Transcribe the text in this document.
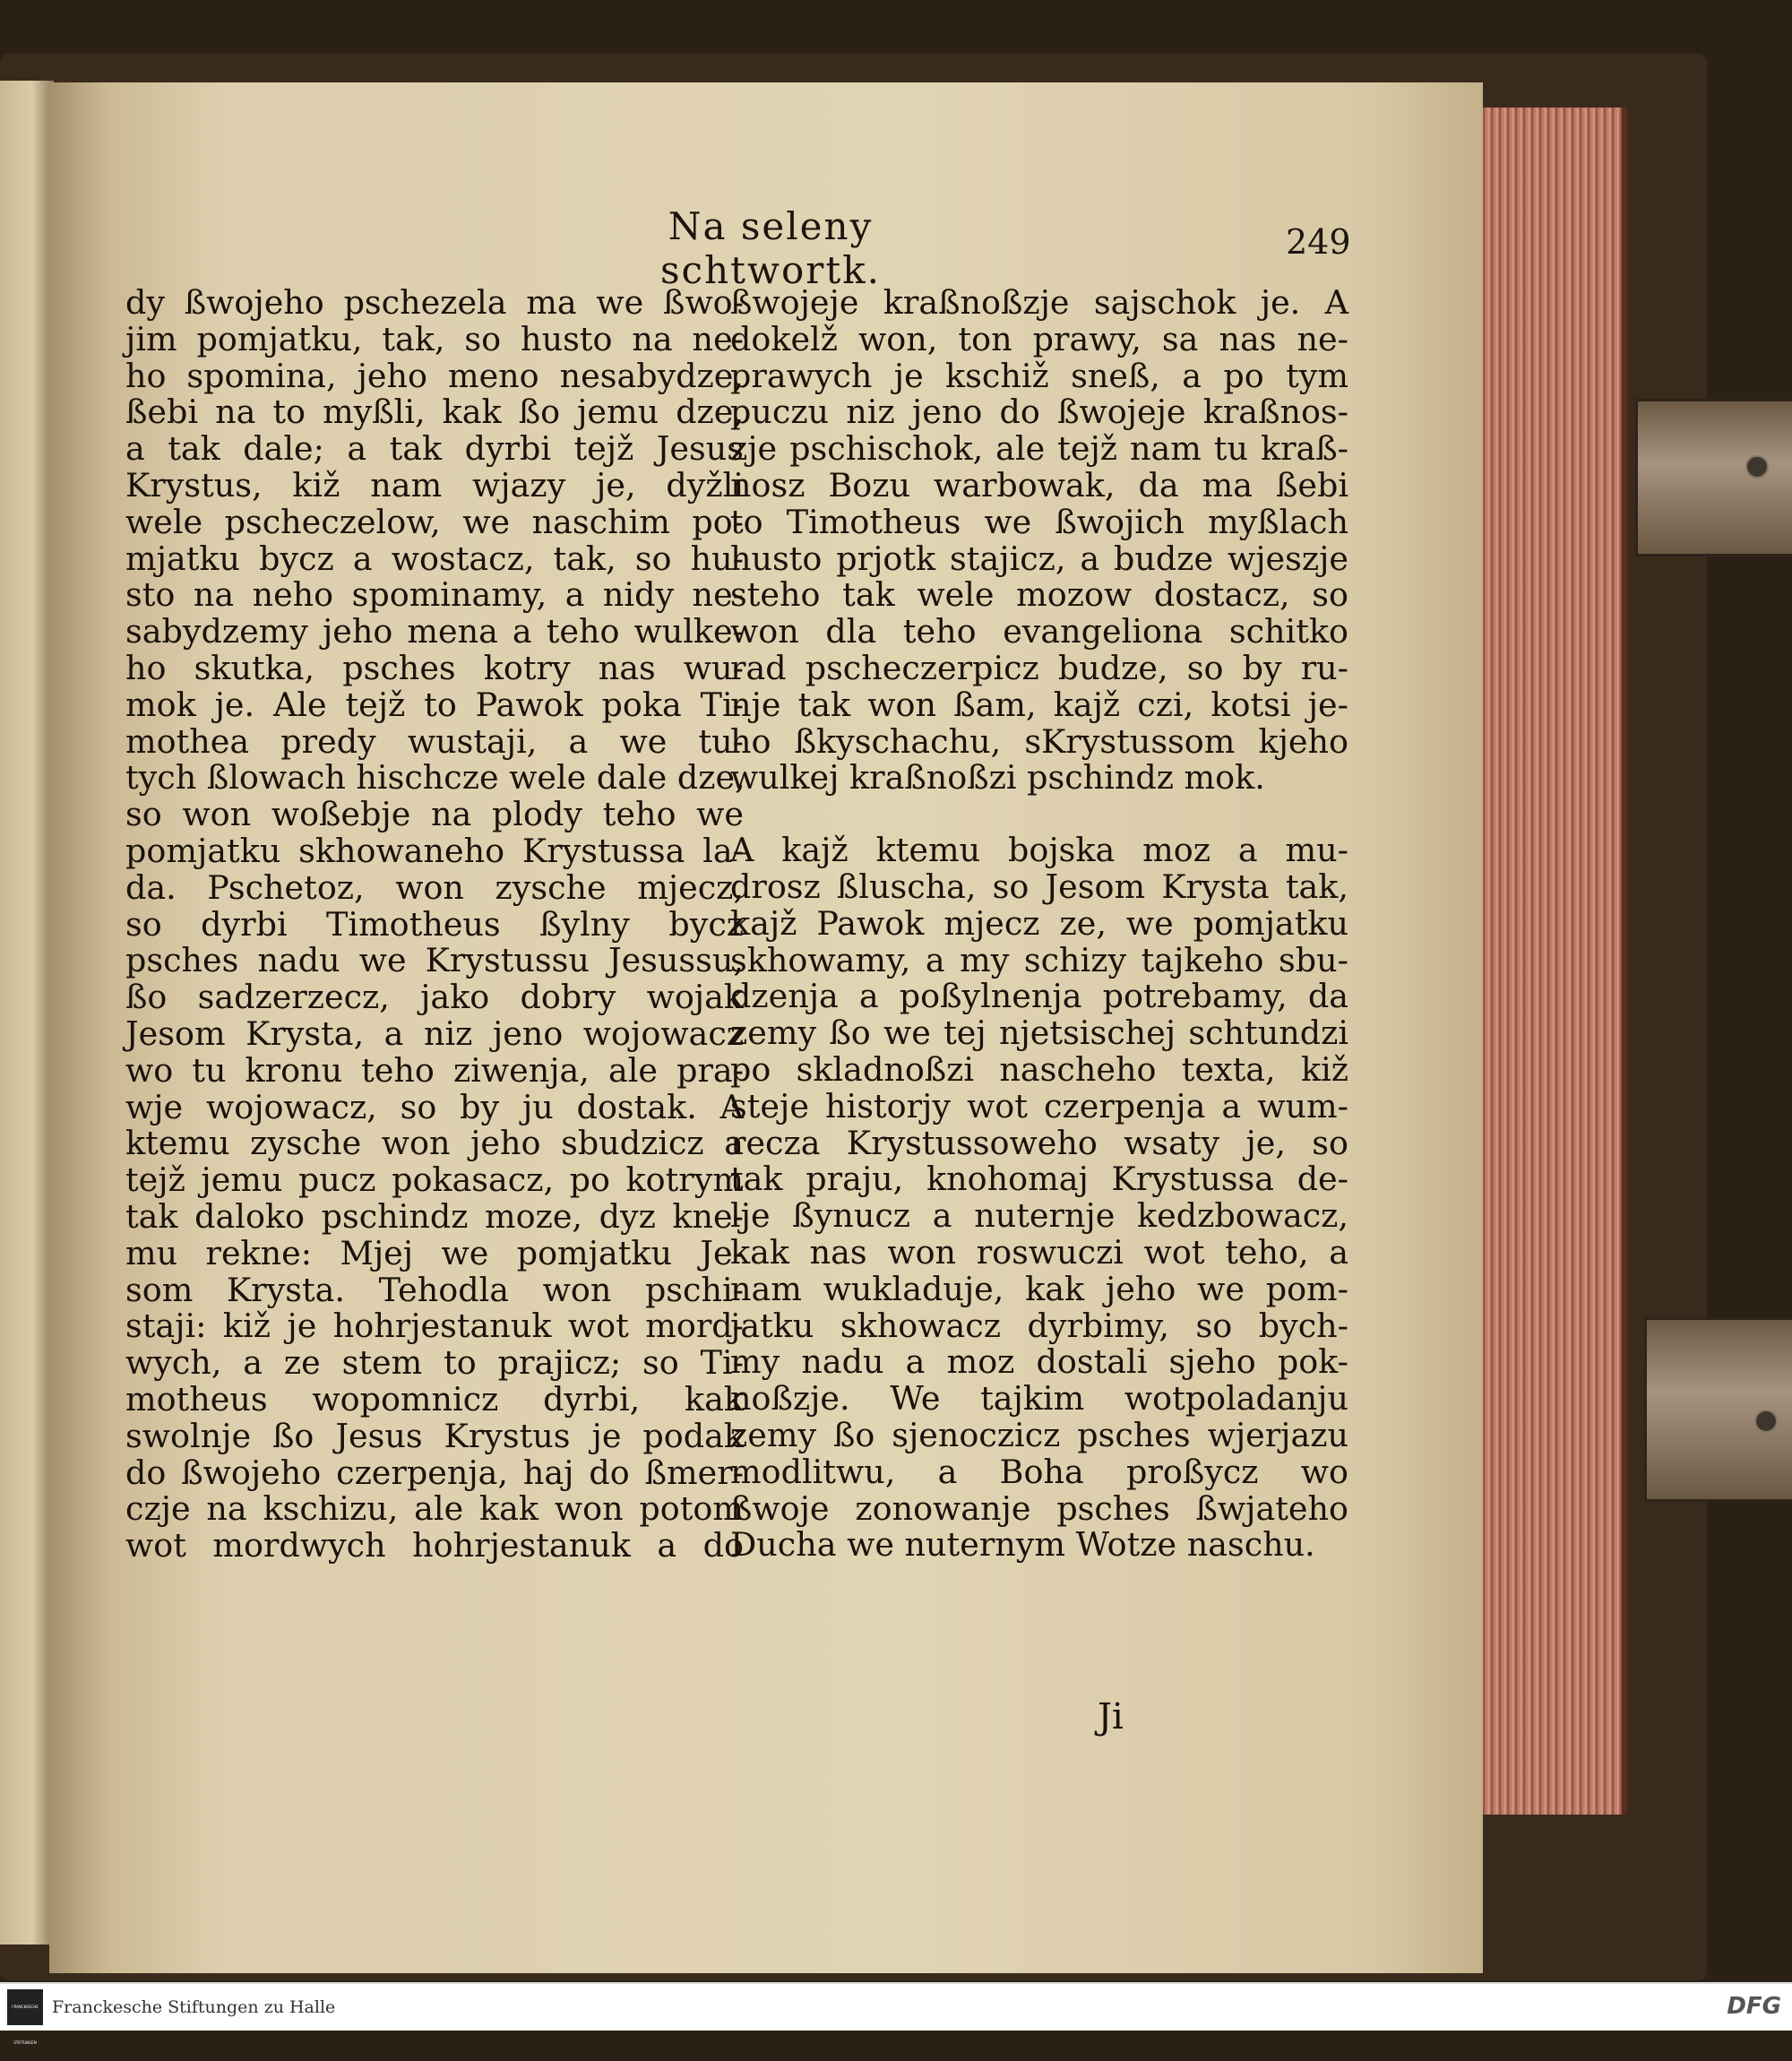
Na seleny schtwortk.
249
dy ßwojeho pschezela ma we ßwo-
jim pomjatku, tak, so husto na ne-
ho spomina, jeho meno nesabydze,
ßebi na to myßli, kak ßo jemu dze,
a tak dale; a tak dyrbi tejž Jesus
Krystus, kiž nam wjazy je, dyžli
wele pscheczelow, we naschim po-
mjatku bycz a wostacz, tak, so hu-
sto na neho spominamy, a nidy ne-
sabydzemy jeho mena a teho wulke-
ho skutka, psches kotry nas wu-
mok je. Ale tejž to Pawok poka Ti-
mothea predy wustaji, a we tu-
tych ßlowach hischcze wele dale dze,
so won woßebje na plody teho we
pomjatku skhowaneho Krystussa la-
da. Pschetoz, won zysche mjecz,
so dyrbi Timotheus ßylny bycz
psches nadu we Krystussu Jesussu,
ßo sadzerzecz, jako dobry wojak
Jesom Krysta, a niz jeno wojowacz
wo tu kronu teho ziwenja, ale pra-
wje wojowacz, so by ju dostak. A
ktemu zysche won jeho sbudzicz a
tejž jemu pucz pokasacz, po kotrym
tak daloko pschindz moze, dyz kne-
mu rekne: Mjej we pomjatku Je-
som Krysta. Tehodla won pschi-
staji: kiž je hohrjestanuk wot mord-
wych, a ze stem to prajicz; so Ti-
motheus wopomnicz dyrbi, kak
swolnje ßo Jesus Krystus je podak
do ßwojeho czerpenja, haj do ßmer-
czje na kschizu, ale kak won potom
wot mordwych hohrjestanuk a do
ßwojeje kraßnoßzje sajschok je. A
dokelž won, ton prawy, sa nas ne-
prawych je kschiž sneß, a po tym
puczu niz jeno do ßwojeje kraßnos-
zje pschischok, ale tejž nam tu kraß-
nosz Bozu warbowak, da ma ßebi
to Timotheus we ßwojich myßlach
husto prjotk stajicz, a budze wjeszje
steho tak wele mozow dostacz, so
won dla teho evangeliona schitko
rad pscheczerpicz budze, so by ru-
nje tak won ßam, kajž czi, kotsi je-
ho ßkyschachu, sKrystussom kjeho
wulkej kraßnoßzi pschindz mok.
A kajž ktemu bojska moz a mu-
drosz ßluscha, so Jesom Krysta tak,
kajž Pawok mjecz ze, we pomjatku
skhowamy, a my schizy tajkeho sbu-
dzenja a poßylnenja potrebamy, da
zemy ßo we tej njetsischej schtundzi
po skladnoßzi nascheho texta, kiž
steje historjy wot czerpenja a wum-
recza Krystussoweho wsaty je, so
tak praju, knohomaj Krystussa de-
lje ßynucz a nuternje kedzbowacz,
kak nas won roswuczi wot teho, a
nam wukladuje, kak jeho we pom-
jatku skhowacz dyrbimy, so bych-
my nadu a moz dostali sjeho pok-
noßzje. We tajkim wotpoladanju
zemy ßo sjenoczicz psches wjerjazu
modlitwu, a Boha proßycz wo
ßwoje zonowanje psches ßwjateho
Ducha we nuternym Wotze naschu.
Ji
FRANCKESCHE STIFTUNGEN
Franckesche Stiftungen zu Halle	DFG
